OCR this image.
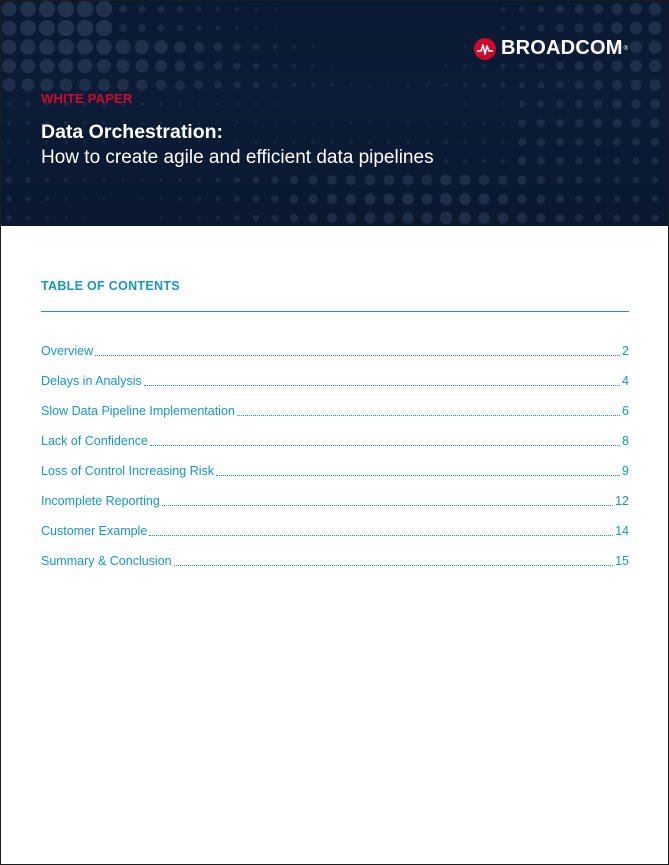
BROADCOM ®
WHITE PAPER
Data Orchestration:
How to create agile and efficient data pipelines
TABLE OF CONTENTS
Overview	2
Delays in Analysis	4
Slow Data Pipeline Implementation	6
Lack of Confidence	8
Loss of Control Increasing Risk	9
Incomplete Reporting	12
Customer Example	14
Summary & Conclusion	15
